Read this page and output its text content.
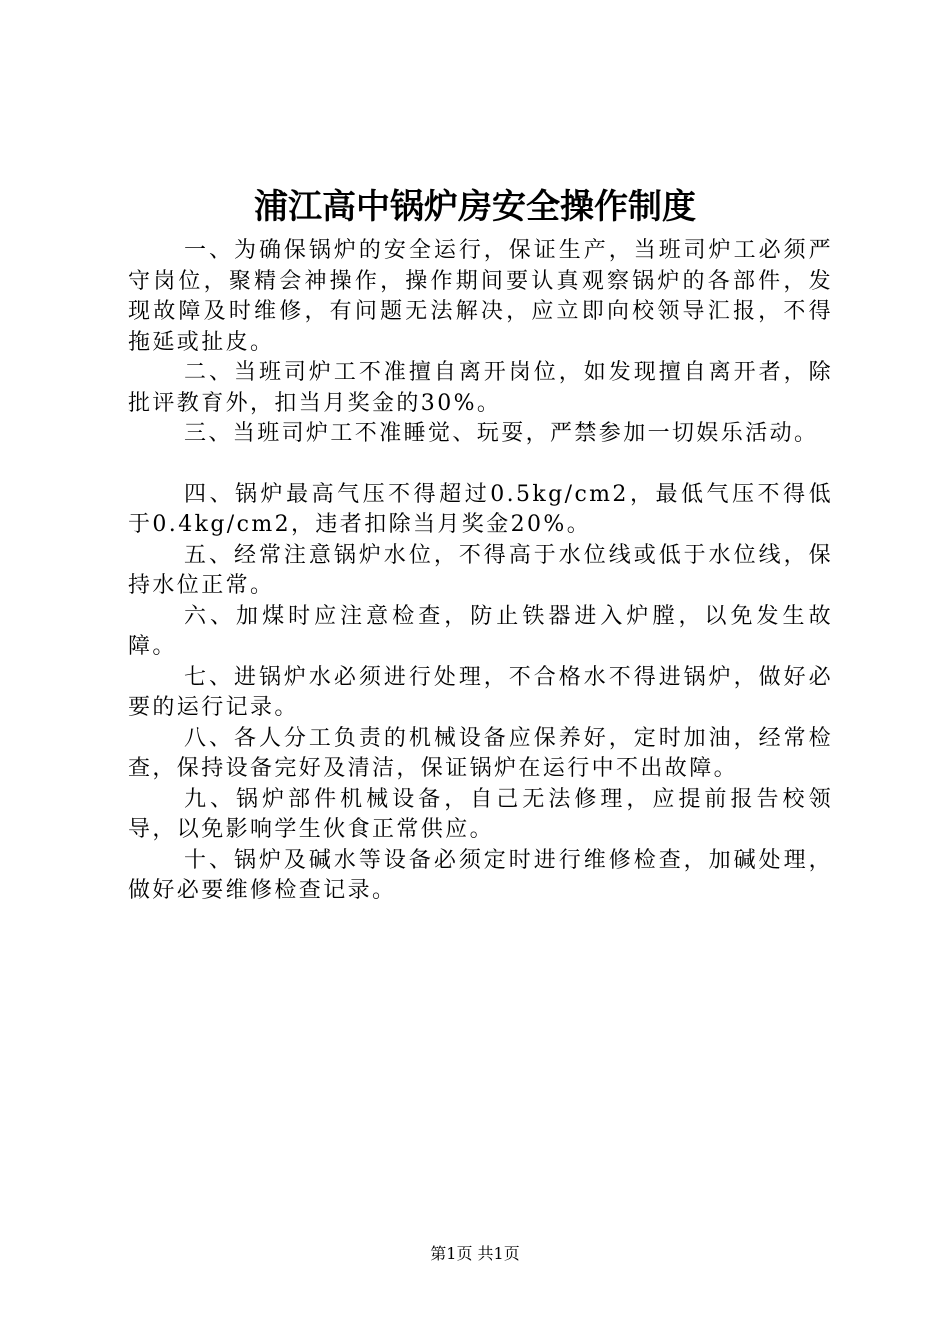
浦江高中锅炉房安全操作制度

一、为确保锅炉的安全运行，保证生产，当班司炉工必须严守岗位，聚精会神操作，操作期间要认真观察锅炉的各部件，发现故障及时维修，有问题无法解决，应立即向校领导汇报，不得拖延或扯皮。

二、当班司炉工不准擅自离开岗位，如发现擅自离开者，除批评教育外，扣当月奖金的30%。

三、当班司炉工不准睡觉、玩耍，严禁参加一切娱乐活动。

四、锅炉最高气压不得超过0.5kg/cm2，最低气压不得低于0.4kg/cm2，违者扣除当月奖金20%。

五、经常注意锅炉水位，不得高于水位线或低于水位线，保持水位正常。

六、加煤时应注意检查，防止铁器进入炉膛，以免发生故障。

七、进锅炉水必须进行处理，不合格水不得进锅炉，做好必要的运行记录。

八、各人分工负责的机械设备应保养好，定时加油，经常检查，保持设备完好及清洁，保证锅炉在运行中不出故障。

九、锅炉部件机械设备，自己无法修理，应提前报告校领导，以免影响学生伙食正常供应。

十、锅炉及碱水等设备必须定时进行维修检查，加碱处理，做好必要维修检查记录。

第1页 共1页
